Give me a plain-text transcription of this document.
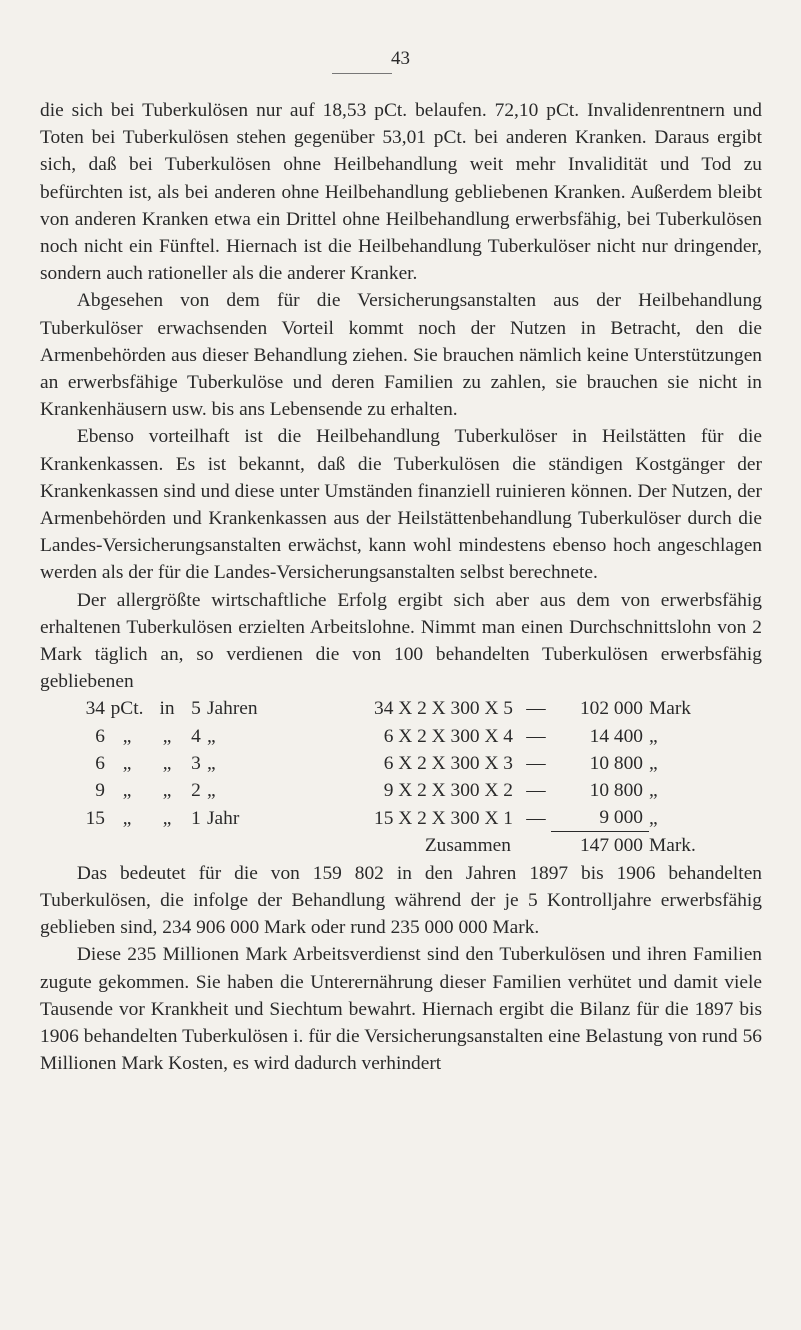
43

die sich bei Tuberkulösen nur auf 18,53 pCt. belaufen. 72,10 pCt. Invalidenrentnern und Toten bei Tuberkulösen stehen gegenüber 53,01 pCt. bei anderen Kranken. Daraus ergibt sich, daß bei Tuberkulösen ohne Heilbehandlung weit mehr Invalidität und Tod zu befürchten ist, als bei anderen ohne Heilbehandlung gebliebenen Kranken. Außerdem bleibt von anderen Kranken etwa ein Drittel ohne Heilbehandlung erwerbsfähig, bei Tuberkulösen noch nicht ein Fünftel. Hiernach ist die Heilbehandlung Tuberkulöser nicht nur dringender, sondern auch rationeller als die anderer Kranker.

Abgesehen von dem für die Versicherungsanstalten aus der Heilbehandlung Tuberkulöser erwachsenden Vorteil kommt noch der Nutzen in Betracht, den die Armenbehörden aus dieser Behandlung ziehen. Sie brauchen nämlich keine Unterstützungen an erwerbsfähige Tuberkulöse und deren Familien zu zahlen, sie brauchen sie nicht in Krankenhäusern usw. bis ans Lebensende zu erhalten.

Ebenso vorteilhaft ist die Heilbehandlung Tuberkulöser in Heilstätten für die Krankenkassen. Es ist bekannt, daß die Tuberkulösen die ständigen Kostgänger der Krankenkassen sind und diese unter Umständen finanziell ruinieren können. Der Nutzen, der Armenbehörden und Krankenkassen aus der Heilstättenbehandlung Tuberkulöser durch die Landes-Versicherungsanstalten erwächst, kann wohl mindestens ebenso hoch angeschlagen werden als der für die Landes-Versicherungsanstalten selbst berechnete.

Der allergrößte wirtschaftliche Erfolg ergibt sich aber aus dem von erwerbsfähig erhaltenen Tuberkulösen erzielten Arbeitslohne. Nimmt man einen Durchschnittslohn von 2 Mark täglich an, so verdienen die von 100 behandelten Tuberkulösen erwerbsfähig gebliebenen

34	pCt.	in	5	Jahren	34 X 2 X 300 X 5	—	102 000	Mark
6	„	„	4	„	6 X 2 X 300 X 4	—	14 400	„
6	„	„	3	„	6 X 2 X 300 X 3	—	10 800	„
9	„	„	2	„	9 X 2 X 300 X 2	—	10 800	„
15	„	„	1	Jahr	15 X 2 X 300 X 1	—	9 000	„
Zusammen							147 000	Mark.

Das bedeutet für die von 159 802 in den Jahren 1897 bis 1906 behandelten Tuberkulösen, die infolge der Behandlung während der je 5 Kontrolljahre erwerbsfähig geblieben sind, 234 906 000 Mark oder rund 235 000 000 Mark.

Diese 235 Millionen Mark Arbeitsverdienst sind den Tuberkulösen und ihren Familien zugute gekommen. Sie haben die Unterernährung dieser Familien verhütet und damit viele Tausende vor Krankheit und Siechtum bewahrt. Hiernach ergibt die Bilanz für die 1897 bis 1906 behandelten Tuberkulösen i. für die Versicherungsanstalten eine Belastung von rund 56 Millionen Mark Kosten, es wird dadurch verhindert
